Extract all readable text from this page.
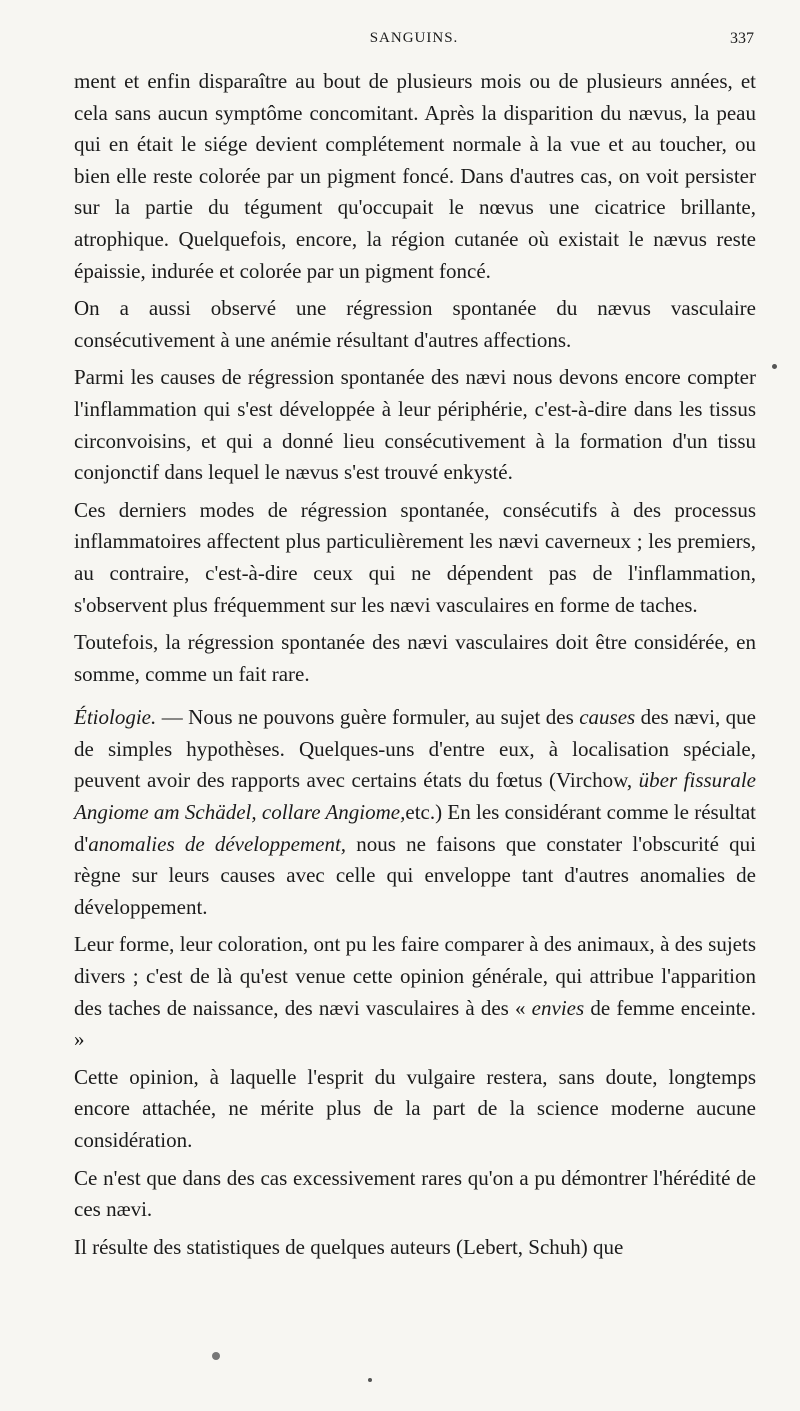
SANGUINS.	337

ment et enfin disparaître au bout de plusieurs mois ou de plusieurs années, et cela sans aucun symptôme concomitant. Après la disparition du nævus, la peau qui en était le siége devient complétement normale à la vue et au toucher, ou bien elle reste colorée par un pigment foncé. Dans d'autres cas, on voit persister sur la partie du tégument qu'occupait le nœvus une cicatrice brillante, atrophique. Quelquefois, encore, la région cutanée où existait le nævus reste épaissie, indurée et colorée par un pigment foncé.

On a aussi observé une régression spontanée du nævus vasculaire consécutivement à une anémie résultant d'autres affections.

Parmi les causes de régression spontanée des nævi nous devons encore compter l'inflammation qui s'est développée à leur périphérie, c'est-à-dire dans les tissus circonvoisins, et qui a donné lieu consécutivement à la formation d'un tissu conjonctif dans lequel le nævus s'est trouvé enkysté.

Ces derniers modes de régression spontanée, consécutifs à des processus inflammatoires affectent plus particulièrement les nævi caverneux ; les premiers, au contraire, c'est-à-dire ceux qui ne dépendent pas de l'inflammation, s'observent plus fréquemment sur les nævi vasculaires en forme de taches.

Toutefois, la régression spontanée des nævi vasculaires doit être considérée, en somme, comme un fait rare.

Étiologie. — Nous ne pouvons guère formuler, au sujet des causes des nævi, que de simples hypothèses. Quelques-uns d'entre eux, à localisation spéciale, peuvent avoir des rapports avec certains états du fœtus (Virchow, über fissurale Angiome am Schädel, collare Angiome,etc.) En les considérant comme le résultat d'anomalies de développement, nous ne faisons que constater l'obscurité qui règne sur leurs causes avec celle qui enveloppe tant d'autres anomalies de développement.

Leur forme, leur coloration, ont pu les faire comparer à des animaux, à des sujets divers ; c'est de là qu'est venue cette opinion générale, qui attribue l'apparition des taches de naissance, des nævi vasculaires à des « envies de femme enceinte. »

Cette opinion, à laquelle l'esprit du vulgaire restera, sans doute, longtemps encore attachée, ne mérite plus de la part de la science moderne aucune considération.

Ce n'est que dans des cas excessivement rares qu'on a pu démontrer l'hérédité de ces nævi.

Il résulte des statistiques de quelques auteurs (Lebert, Schuh) que
